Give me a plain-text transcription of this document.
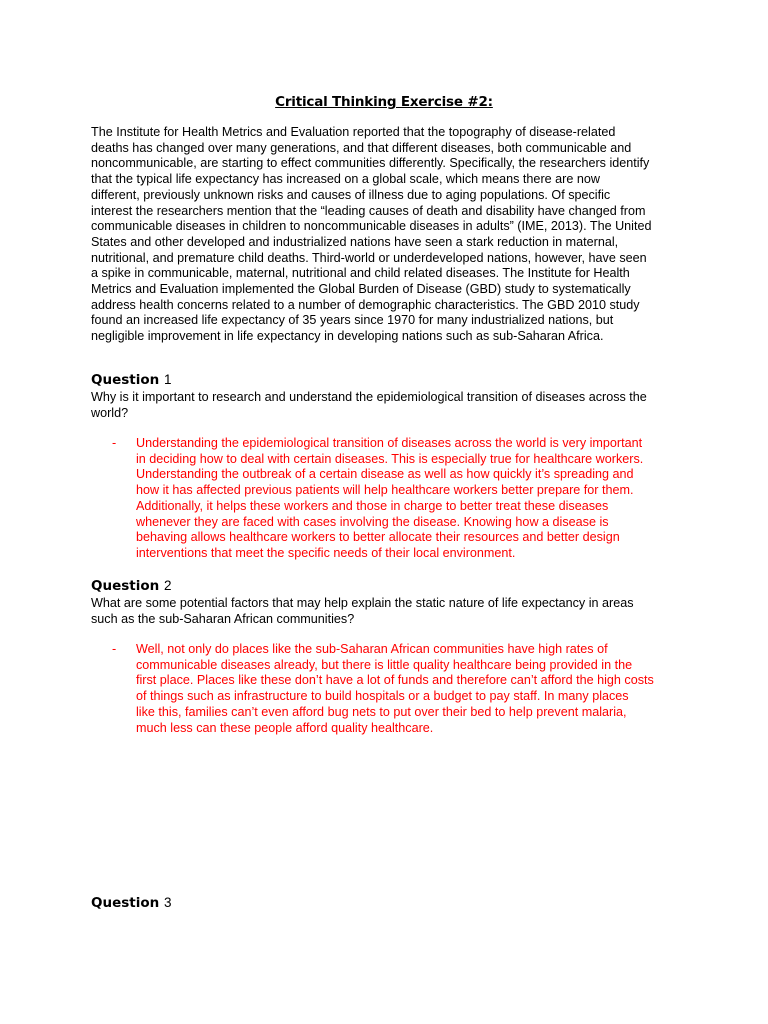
Critical Thinking Exercise #2:
The Institute for Health Metrics and Evaluation reported that the topography of disease-related
deaths has changed over many generations, and that different diseases, both communicable and
noncommunicable, are starting to effect communities differently. Specifically, the researchers identify
that the typical life expectancy has increased on a global scale, which means there are now
different, previously unknown risks and causes of illness due to aging populations. Of specific
interest the researchers mention that the “leading causes of death and disability have changed from
communicable diseases in children to noncommunicable diseases in adults” (IME, 2013). The United
States and other developed and industrialized nations have seen a stark reduction in maternal,
nutritional, and premature child deaths. Third-world or underdeveloped nations, however, have seen
a spike in communicable, maternal, nutritional and child related diseases. The Institute for Health
Metrics and Evaluation implemented the Global Burden of Disease (GBD) study to systematically
address health concerns related to a number of demographic characteristics. The GBD 2010 study
found an increased life expectancy of 35 years since 1970 for many industrialized nations, but
negligible improvement in life expectancy in developing nations such as sub-Saharan Africa.
Question 1
Why is it important to research and understand the epidemiological transition of diseases across the
world?
- Understanding the epidemiological transition of diseases across the world is very important
in deciding how to deal with certain diseases. This is especially true for healthcare workers.
Understanding the outbreak of a certain disease as well as how quickly it’s spreading and
how it has affected previous patients will help healthcare workers better prepare for them.
Additionally, it helps these workers and those in charge to better treat these diseases
whenever they are faced with cases involving the disease. Knowing how a disease is
behaving allows healthcare workers to better allocate their resources and better design
interventions that meet the specific needs of their local environment.
Question 2
What are some potential factors that may help explain the static nature of life expectancy in areas
such as the sub-Saharan African communities?
- Well, not only do places like the sub-Saharan African communities have high rates of
communicable diseases already, but there is little quality healthcare being provided in the
first place. Places like these don’t have a lot of funds and therefore can’t afford the high costs
of things such as infrastructure to build hospitals or a budget to pay staff. In many places
like this, families can’t even afford bug nets to put over their bed to help prevent malaria,
much less can these people afford quality healthcare.
Question 3
